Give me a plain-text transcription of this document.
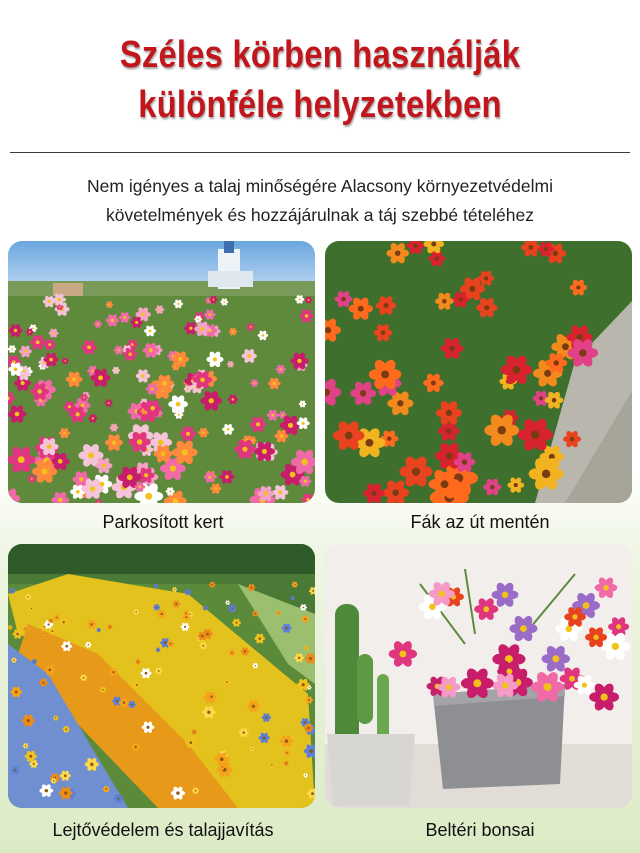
Széles körben használják
különféle helyzetekben
Nem igényes a talaj minőségére Alacsony környezetvédelmi
követelmények és hozzájárulnak a táj szebbé tételéhez
Parkosított kert	Fák az út mentén
Lejtővédelem és talajjavítás	Beltéri bonsai
